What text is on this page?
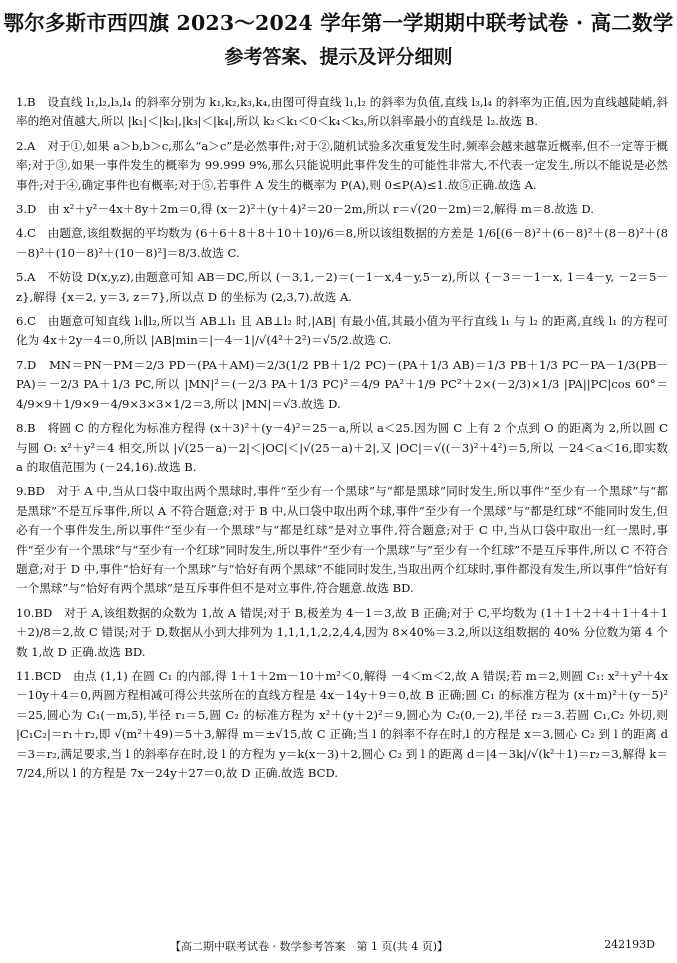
鄂尔多斯市西四旗 2023～2024 学年第一学期期中联考试卷 · 高二数学
参考答案、提示及评分细则
1.B　 设直线 l₁,l₂,l₃,l₄ 的斜率分别为 k₁,k₂,k₃,k₄,由图可得直线 l₁,l₂ 的斜率为负值,直线 l₃,l₄ 的斜率为正值,因为直线越陡峭,斜率的绝对值越大,所以 |k₁|＜|k₂|,|k₃|＜|k₄|,所以 k₂＜k₁＜0＜k₄＜k₃,所以斜率最小的直线是 l₂.故选 B.
2.A　 对于①,如果 a＞b,b＞c,那么“a＞c”是必然事件;对于②,随机试验多次重复发生时,频率会越来越靠近概率,但不一定等于概率;对于③,如果一事件发生的概率为 99.999 9%,那么只能说明此事件发生的可能性非常大,不代表一定发生,所以不能说是必然事件;对于④,确定事件也有概率;对于⑤,若事件 A 发生的概率为 P(A),则 0≤P(A)≤1.故⑤正确.故选 A.
3.D　 由 x²＋y²－4x＋8y＋2m＝0,得 (x－2)²＋(y＋4)²＝20－2m,所以 r＝√(20－2m)＝2,解得 m＝8.故选 D.
4.C　 由题意,该组数据的平均数为 (6＋6＋8＋8＋10＋10)/6＝8,所以该组数据的方差是 1/6[(6－8)²＋(6－8)²＋(8－8)²＋(8－8)²＋(10－8)²＋(10－8)²]＝8/3.故选 C.
5.A　 不妨设 D(x,y,z),由题意可知 AB＝DC,所以 (－3,1,－2)＝(－1－x,4－y,5－z),所以 {－3＝－1－x, 1＝4－y, －2＝5－z},解得 {x＝2, y＝3, z＝7},所以点 D 的坐标为 (2,3,7).故选 A.
6.C　 由题意可知直线 l₁∥l₂,所以当 AB⊥l₁ 且 AB⊥l₂ 时,|AB| 有最小值,其最小值为平行直线 l₁ 与 l₂ 的距离,直线 l₁ 的方程可化为 4x＋2y－4＝0,所以 |AB|min＝|－4－1|/√(4²＋2²)＝√5/2.故选 C.
7.D　 MN＝PN－PM＝2/3 PD－(PA＋AM)＝2/3(1/2 PB＋1/2 PC)－(PA＋1/3 AB)＝1/3 PB＋1/3 PC－PA－1/3(PB－PA)＝－2/3 PA＋1/3 PC,所以 |MN|²＝(－2/3 PA＋1/3 PC)²＝4/9 PA²＋1/9 PC²＋2×(－2/3)×1/3 |PA||PC|cos 60°＝4/9×9＋1/9×9－4/9×3×3×1/2＝3,所以 |MN|＝√3.故选 D.
8.B　 将圆 C 的方程化为标准方程得 (x＋3)²＋(y－4)²＝25－a,所以 a＜25.因为圆 C 上有 2 个点到 O 的距离为 2,所以圆 C 与圆 O: x²＋y²＝4 相交,所以 |√(25－a)－2|＜|OC|＜|√(25－a)＋2|,又 |OC|＝√((－3)²＋4²)＝5,所以 －24＜a＜16,即实数 a 的取值范围为 (－24,16).故选 B.
9.BD　 对于 A 中,当从口袋中取出两个黑球时,事件“至少有一个黑球”与“都是黑球”同时发生,所以事件“至少有一个黑球”与“都是黑球”不是互斥事件,所以 A 不符合题意;对于 B 中,从口袋中取出两个球,事件“至少有一个黑球”与“都是红球”不能同时发生,但必有一个事件发生,所以事件“至少有一个黑球”与“都是红球”是对立事件,符合题意;对于 C 中,当从口袋中取出一红一黑时,事件“至少有一个黑球”与“至少有一个红球”同时发生,所以事件“至少有一个黑球”与“至少有一个红球”不是互斥事件,所以 C 不符合题意;对于 D 中,事件“恰好有一个黑球”与“恰好有两个黑球”不能同时发生,当取出两个红球时,事件都没有发生,所以事件“恰好有一个黑球”与“恰好有两个黑球”是互斥事件但不是对立事件,符合题意.故选 BD.
10.BD　 对于 A,该组数据的众数为 1,故 A 错误;对于 B,极差为 4－1＝3,故 B 正确;对于 C,平均数为 (1＋1＋2＋4＋1＋4＋1＋2)/8＝2,故 C 错误;对于 D,数据从小到大排列为 1,1,1,1,2,2,4,4,因为 8×40%＝3.2,所以这组数据的 40% 分位数为第 4 个数 1,故 D 正确.故选 BD.
11.BCD　 由点 (1,1) 在圆 C₁ 的内部,得 1＋1＋2m－10＋m²＜0,解得 －4＜m＜2,故 A 错误;若 m＝2,则圆 C₁: x²＋y²＋4x－10y＋4＝0,两圆方程相减可得公共弦所在的直线方程是 4x－14y＋9＝0,故 B 正确;圆 C₁ 的标准方程为 (x＋m)²＋(y－5)²＝25,圆心为 C₁(－m,5),半径 r₁＝5,圆 C₂ 的标准方程为 x²＋(y＋2)²＝9,圆心为 C₂(0,－2),半径 r₂＝3.若圆 C₁,C₂ 外切,则 |C₁C₂|＝r₁＋r₂,即 √(m²＋49)＝5＋3,解得 m＝±√15,故 C 正确;当 l 的斜率不存在时,l 的方程是 x＝3,圆心 C₂ 到 l 的距离 d＝3＝r₂,满足要求,当 l 的斜率存在时,设 l 的方程为 y＝k(x－3)＋2,圆心 C₂ 到 l 的距离 d＝|4－3k|/√(k²＋1)＝r₂＝3,解得 k＝7/24,所以 l 的方程是 7x－24y＋27＝0,故 D 正确.故选 BCD.
【高二期中联考试卷 · 数学参考答案　第 1 页(共 4 页)】	242193D
